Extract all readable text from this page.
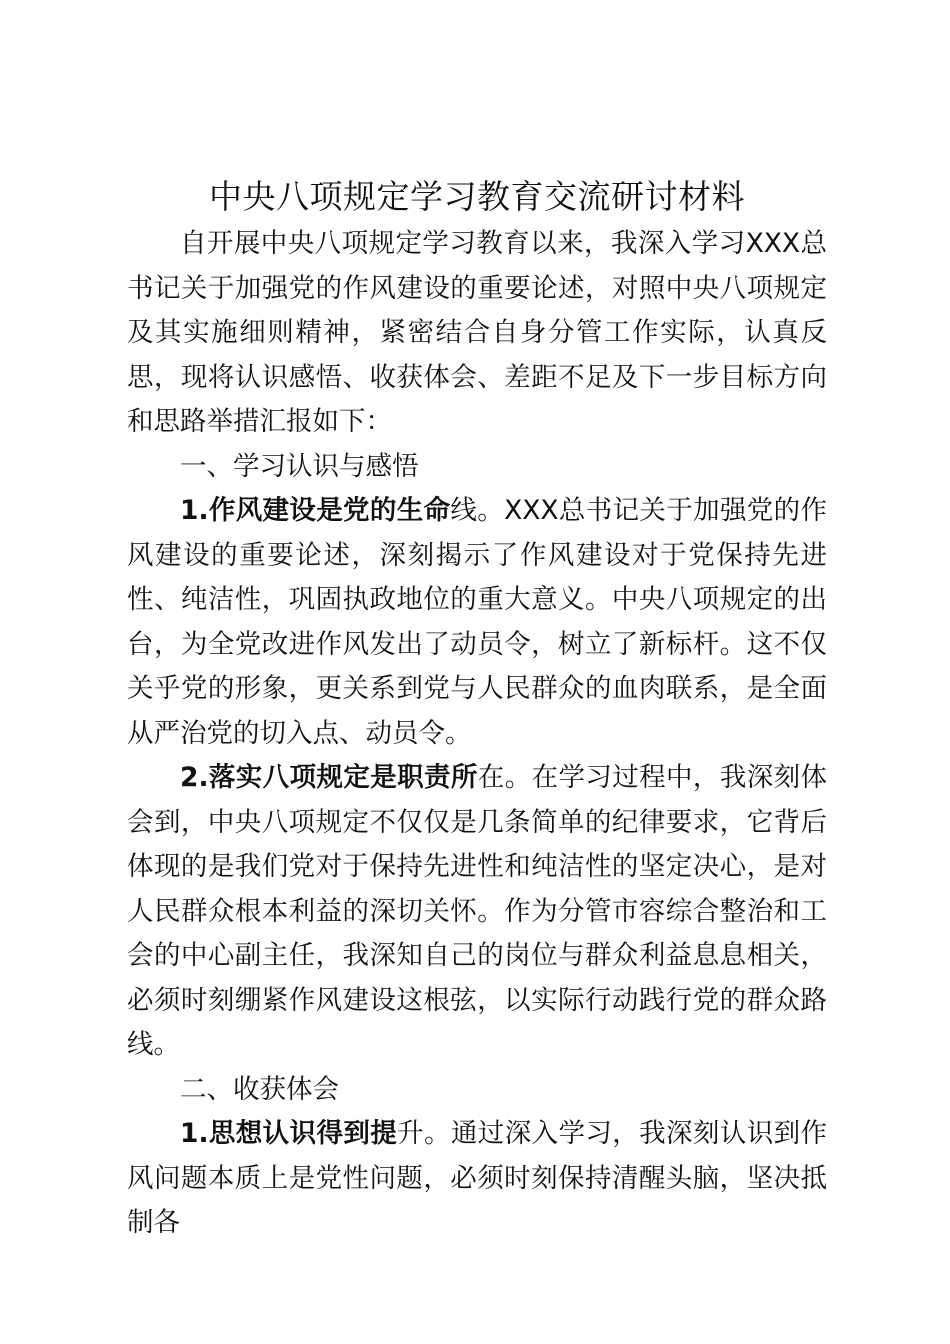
中央八项规定学习教育交流研讨材料

自开展中央八项规定学习教育以来，我深入学习XXX总书记关于加强党的作风建设的重要论述，对照中央八项规定及其实施细则精神，紧密结合自身分管工作实际，认真反思，现将认识感悟、收获体会、差距不足及下一步目标方向和思路举措汇报如下：

一、学习认识与感悟

1.作风建设是党的生命线。XXX总书记关于加强党的作风建设的重要论述，深刻揭示了作风建设对于党保持先进性、纯洁性，巩固执政地位的重大意义。中央八项规定的出台，为全党改进作风发出了动员令，树立了新标杆。这不仅关乎党的形象，更关系到党与人民群众的血肉联系，是全面从严治党的切入点、动员令。

2.落实八项规定是职责所在。在学习过程中，我深刻体会到，中央八项规定不仅仅是几条简单的纪律要求，它背后体现的是我们党对于保持先进性和纯洁性的坚定决心，是对人民群众根本利益的深切关怀。作为分管市容综合整治和工会的中心副主任，我深知自己的岗位与群众利益息息相关，必须时刻绷紧作风建设这根弦，以实际行动践行党的群众路线。

二、收获体会

1.思想认识得到提升。通过深入学习，我深刻认识到作风问题本质上是党性问题，必须时刻保持清醒头脑，坚决抵制各
